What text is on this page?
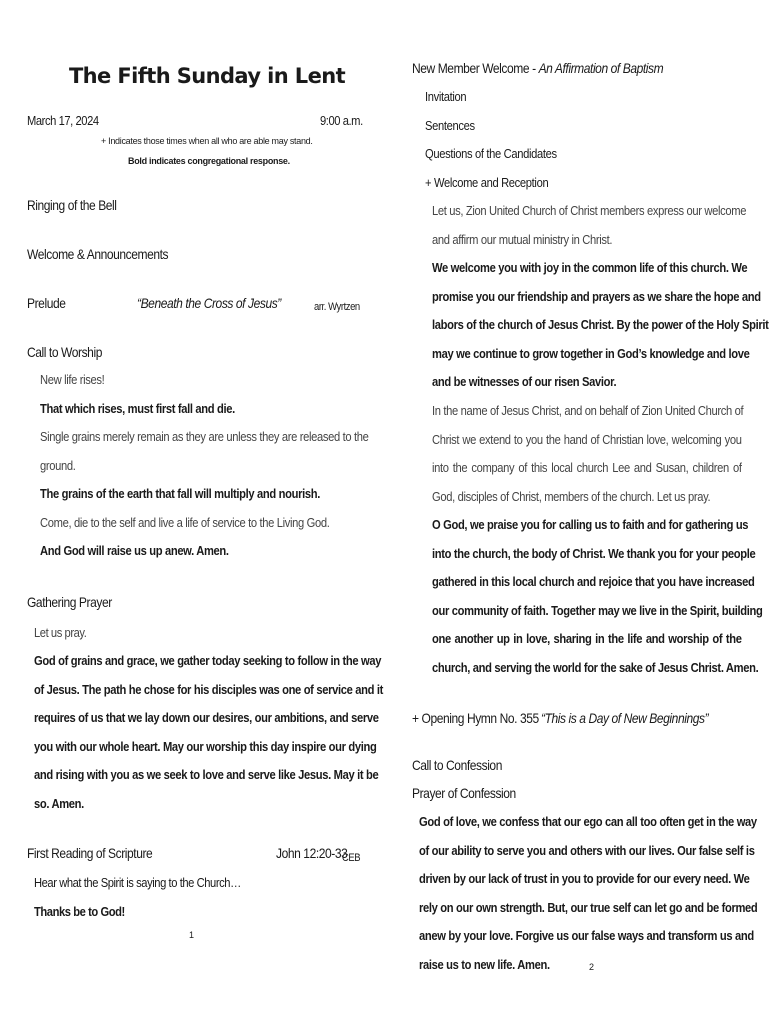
The Fifth Sunday in Lent
March 17, 2024	9:00 a.m.
+ Indicates those times when all who are able may stand.
Bold indicates congregational response.
Ringing of the Bell
Welcome & Announcements
Prelude	“Beneath the Cross of Jesus”	arr. Wyrtzen
Call to Worship
New life rises!
That which rises, must first fall and die.
Single grains merely remain as they are unless they are released to the
ground.
The grains of the earth that fall will multiply and nourish.
Come, die to the self and live a life of service to the Living God.
And God will raise us up anew. Amen.
Gathering Prayer
Let us pray.
God of grains and grace, we gather today seeking to follow in the way
of Jesus. The path he chose for his disciples was one of service and it
requires of us that we lay down our desires, our ambitions, and serve
you with our whole heart. May our worship this day inspire our dying
and rising with you as we seek to love and serve like Jesus. May it be
so. Amen.
First Reading of Scripture	John 12:20-33
CEB
Hear what the Spirit is saying to the Church…
Thanks be to God!
1
New Member Welcome - An Affirmation of Baptism
Invitation
Sentences
Questions of the Candidates
+ Welcome and Reception
Let us, Zion United Church of Christ members express our welcome
and affirm our mutual ministry in Christ.
We welcome you with joy in the common life of this church. We
promise you our friendship and prayers as we share the hope and
labors of the church of Jesus Christ. By the power of the Holy Spirit
may we continue to grow together in God’s knowledge and love
and be witnesses of our risen Savior.
In the name of Jesus Christ, and on behalf of Zion United Church of
Christ we extend to you the hand of Christian love, welcoming you
into the company of this local church Lee and Susan, children of
God, disciples of Christ, members of the church. Let us pray.
O God, we praise you for calling us to faith and for gathering us
into the church, the body of Christ. We thank you for your people
gathered in this local church and rejoice that you have increased
our community of faith. Together may we live in the Spirit, building
one another up in love, sharing in the life and worship of the
church, and serving the world for the sake of Jesus Christ. Amen.
+ Opening Hymn No. 355 “This is a Day of New Beginnings”
Call to Confession
Prayer of Confession
God of love, we confess that our ego can all too often get in the way
of our ability to serve you and others with our lives. Our false self is
driven by our lack of trust in you to provide for our every need. We
rely on our own strength. But, our true self can let go and be formed
anew by your love. Forgive us our false ways and transform us and
raise us to new life. Amen.	2
